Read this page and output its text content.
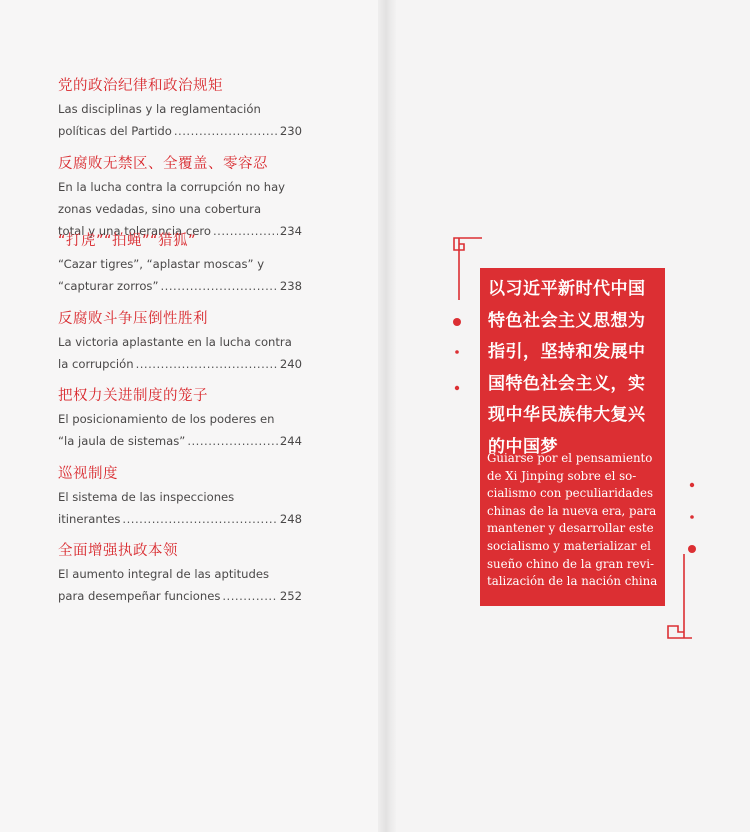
党的政治纪律和政治规矩
Las disciplinas y la reglamentación
políticas del Partido .....	230
反腐败无禁区、全覆盖、零容忍
En la lucha contra la corrupción no hay
zonas vedadas, sino una cobertura
total y una tolerancia cero .....	234
“打虎”“拍蝇”“猎狐”
“Cazar tigres”, “aplastar moscas” y
“capturar zorros” .....	238
反腐败斗争压倒性胜利
La victoria aplastante en la lucha contra
la corrupción .....	240
把权力关进制度的笼子
El posicionamiento de los poderes en
“la jaula de sistemas” .....	244
巡视制度
El sistema de las inspecciones
itinerantes .....	248
全面增强执政本领
El aumento integral de las aptitudes
para desempeñar funciones .....	252
以习近平新时代中国
特色社会主义思想为
指引，坚持和发展中
国特色社会主义，实
现中华民族伟大复兴
的中国梦
Guiarse por el pensamiento
de Xi Jinping sobre el so-
cialismo con peculiaridades
chinas de la nueva era, para
mantener y desarrollar este
socialismo y materializar el
sueño chino de la gran revi-
talización de la nación china
